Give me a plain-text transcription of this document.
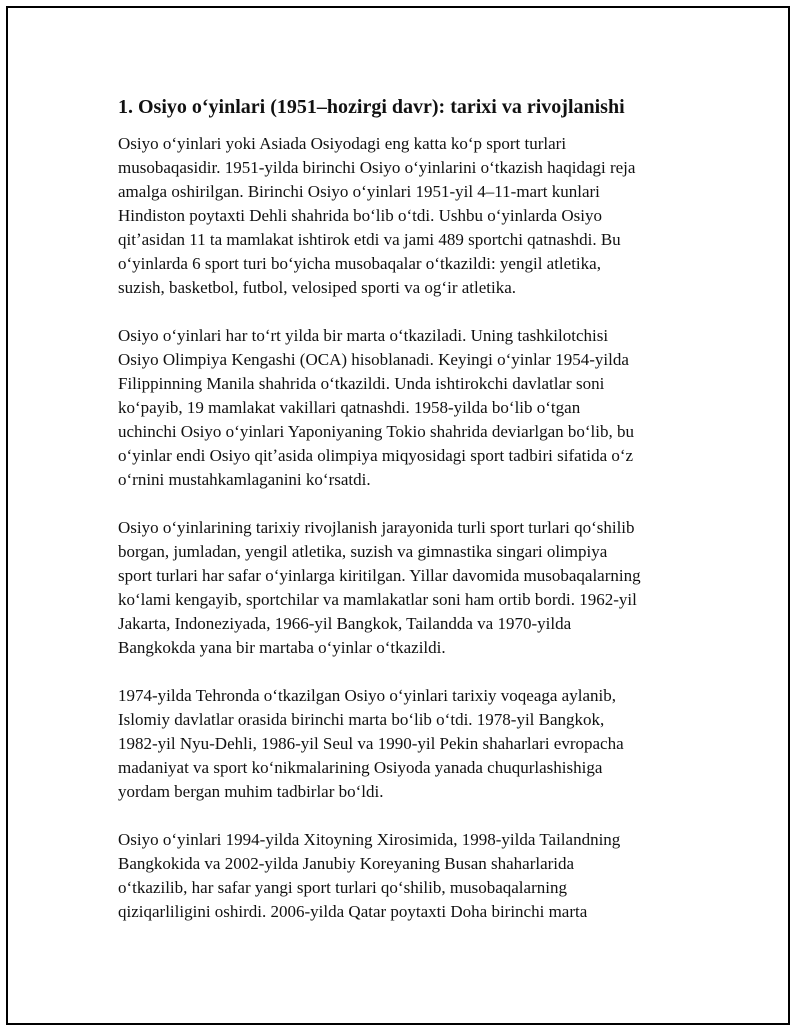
1. Osiyo oʻyinlari (1951–hozirgi davr): tarixi va rivojlanishi

Osiyo oʻyinlari yoki Asiada Osiyodagi eng katta koʻp sport turlari
musobaqasidir. 1951-yilda birinchi Osiyo oʻyinlarini oʻtkazish haqidagi reja
amalga oshirilgan. Birinchi Osiyo oʻyinlari 1951-yil 4–11-mart kunlari
Hindiston poytaxti Dehli shahrida boʻlib oʻtdi. Ushbu oʻyinlarda Osiyo
qitʼasidan 11 ta mamlakat ishtirok etdi va jami 489 sportchi qatnashdi. Bu
oʻyinlarda 6 sport turi boʻyicha musobaqalar oʻtkazildi: yengil atletika,
suzish, basketbol, futbol, velosiped sporti va ogʻir atletika.

Osiyo oʻyinlari har toʻrt yilda bir marta oʻtkaziladi. Uning tashkilotchisi
Osiyo Olimpiya Kengashi (OCA) hisoblanadi. Keyingi oʻyinlar 1954-yilda
Filippinning Manila shahrida oʻtkazildi. Unda ishtirokchi davlatlar soni
koʻpayib, 19 mamlakat vakillari qatnashdi. 1958-yilda boʻlib oʻtgan
uchinchi Osiyo oʻyinlari Yaponiyaning Tokio shahrida deviarlgan boʻlib, bu
oʻyinlar endi Osiyo qitʼasida olimpiya miqyosidagi sport tadbiri sifatida oʻz
oʻrnini mustahkamlaganini koʻrsatdi.

Osiyo oʻyinlarining tarixiy rivojlanish jarayonida turli sport turlari qoʻshilib
borgan, jumladan, yengil atletika, suzish va gimnastika singari olimpiya
sport turlari har safar oʻyinlarga kiritilgan. Yillar davomida musobaqalarning
koʻlami kengayib, sportchilar va mamlakatlar soni ham ortib bordi. 1962-yil
Jakarta, Indoneziyada, 1966-yil Bangkok, Tailandda va 1970-yilda
Bangkokda yana bir martaba oʻyinlar oʻtkazildi.

1974-yilda Tehronda oʻtkazilgan Osiyo oʻyinlari tarixiy voqeaga aylanib,
Islomiy davlatlar orasida birinchi marta boʻlib oʻtdi. 1978-yil Bangkok,
1982-yil Nyu-Dehli, 1986-yil Seul va 1990-yil Pekin shaharlari evropacha
madaniyat va sport koʻnikmalarining Osiyoda yanada chuqurlashishiga
yordam bergan muhim tadbirlar boʻldi.

Osiyo oʻyinlari 1994-yilda Xitoyning Xirosimida, 1998-yilda Tailandning
Bangkokida va 2002-yilda Janubiy Koreyaning Busan shaharlarida
oʻtkazilib, har safar yangi sport turlari qoʻshilib, musobaqalarning
qiziqarliligini oshirdi. 2006-yilda Qatar poytaxti Doha birinchi marta
